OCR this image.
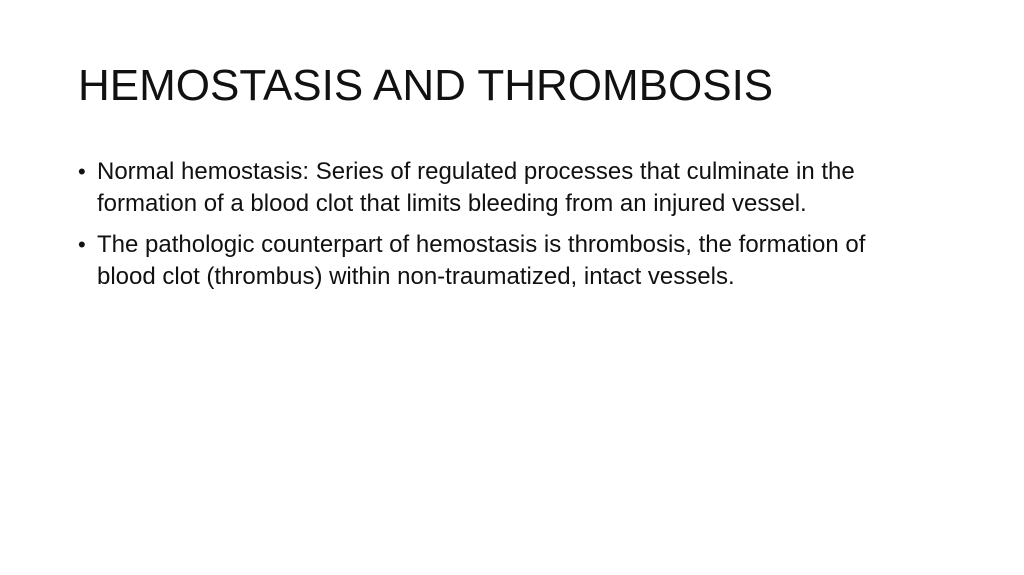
HEMOSTASIS AND THROMBOSIS
• Normal hemostasis: Series of regulated processes that culminate in the formation of a blood clot that limits bleeding from an injured vessel.
• The pathologic counterpart of hemostasis is thrombosis, the formation of blood clot (thrombus) within non-traumatized, intact vessels.
